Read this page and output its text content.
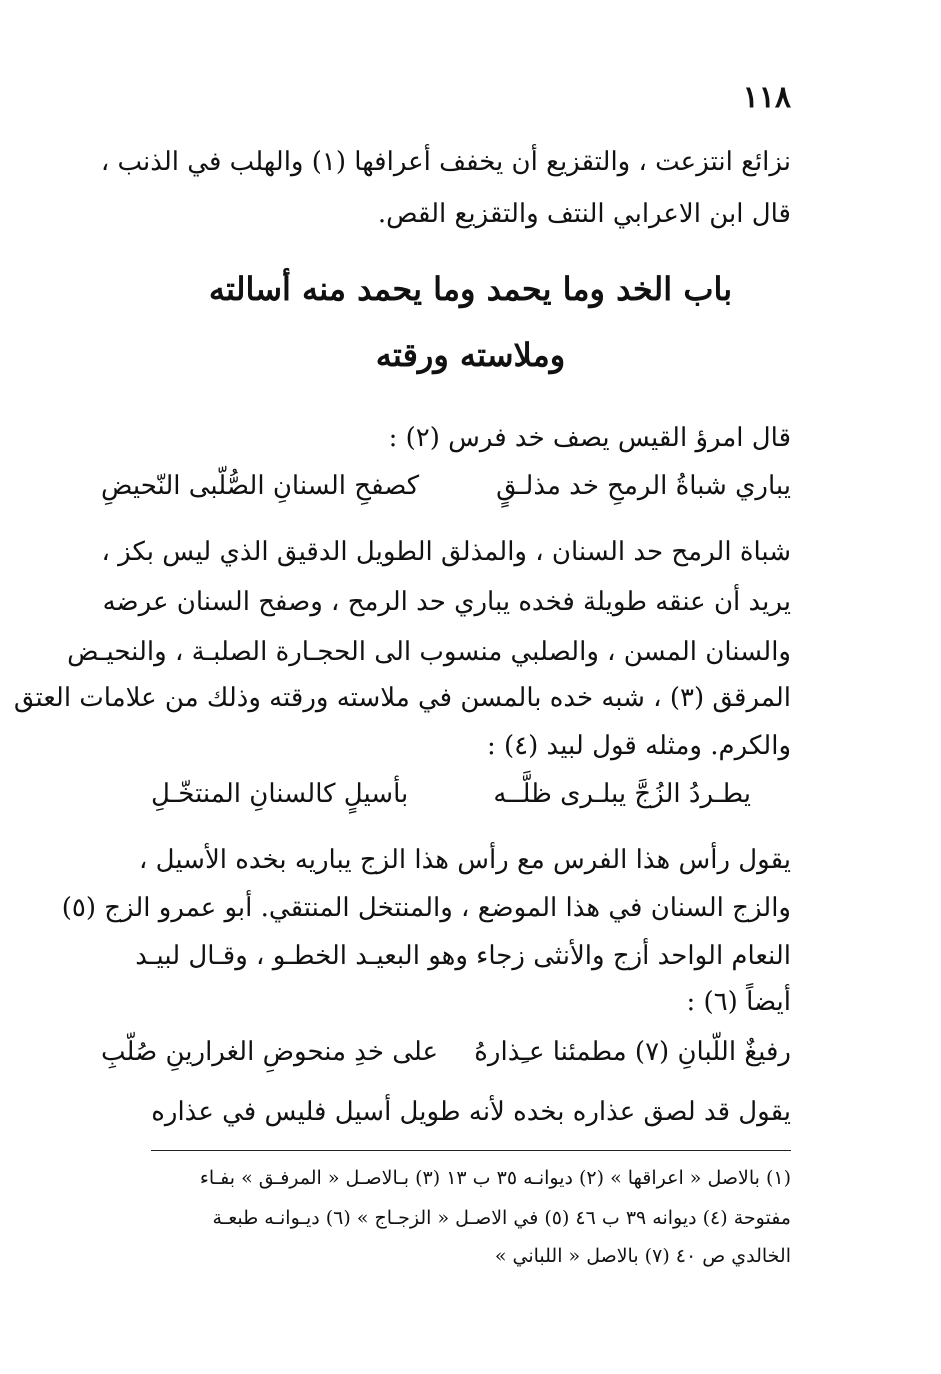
١١٨
نزائع انتزعت ، والتقزيع أن يخفف أعرافها (١) والهلب في الذنب ،
قال ابن الاعرابي النتف والتقزيع القص.
باب الخد وما يحمد وما يحمد منه أسالته
وملاسته ورقته
قال امرؤ القيس يصف خد فرس (٢) :
يباري شباةُ الرمحِ خد مذلـقٍ
كصفحِ السنانِ الصُّلّبى النّحيضِ
شباة الرمح حد السنان ، والمذلق الطويل الدقيق الذي ليس بكز ،
يريد أن عنقه طويلة فخده يباري حد الرمح ، وصفح السنان عرضه
والسنان المسن ، والصلبي منسوب الى الحجـارة الصلبـة ، والنحيـض
المرقق (٣) ، شبه خده بالمسن في ملاسته ورقته وذلك من علامات العتق
والكرم. ومثله قول لبيد (٤) :
يطـردُ الزُجَّ يبلـرى ظلَّــه
بأسيلٍ كالسنانِ المنتخّـلِ
يقول رأس هذا الفرس مع رأس هذا الزج يباريه بخده الأسيل ،
والزج السنان في هذا الموضع ، والمنتخل المنتقي. أبو عمرو الزج (٥)
النعام الواحد أزج والأنثى زجاء وهو البعيـد الخطـو ، وقـال لبيـد
أيضاً (٦) :
رفيغٌ اللّبانِ (٧) مطمئنا عـِذارهُ
على خدِ منحوضِ الغرارينِ صُلّبِ
يقول قد لصق عذاره بخده لأنه طويل أسيل فليس في عذاره
(١) بالاصل « اعراقها » (٢) ديوانـه ٣٥ ب ١٣ (٣) بـالاصـل « المرفـق » بفـاء
مفتوحة (٤) ديوانه ٣٩ ب ٤٦ (٥) في الاصـل « الزجـاج » (٦) ديـوانـه طبعـة
الخالدي ص ٤٠ (٧) بالاصل « اللباني »
